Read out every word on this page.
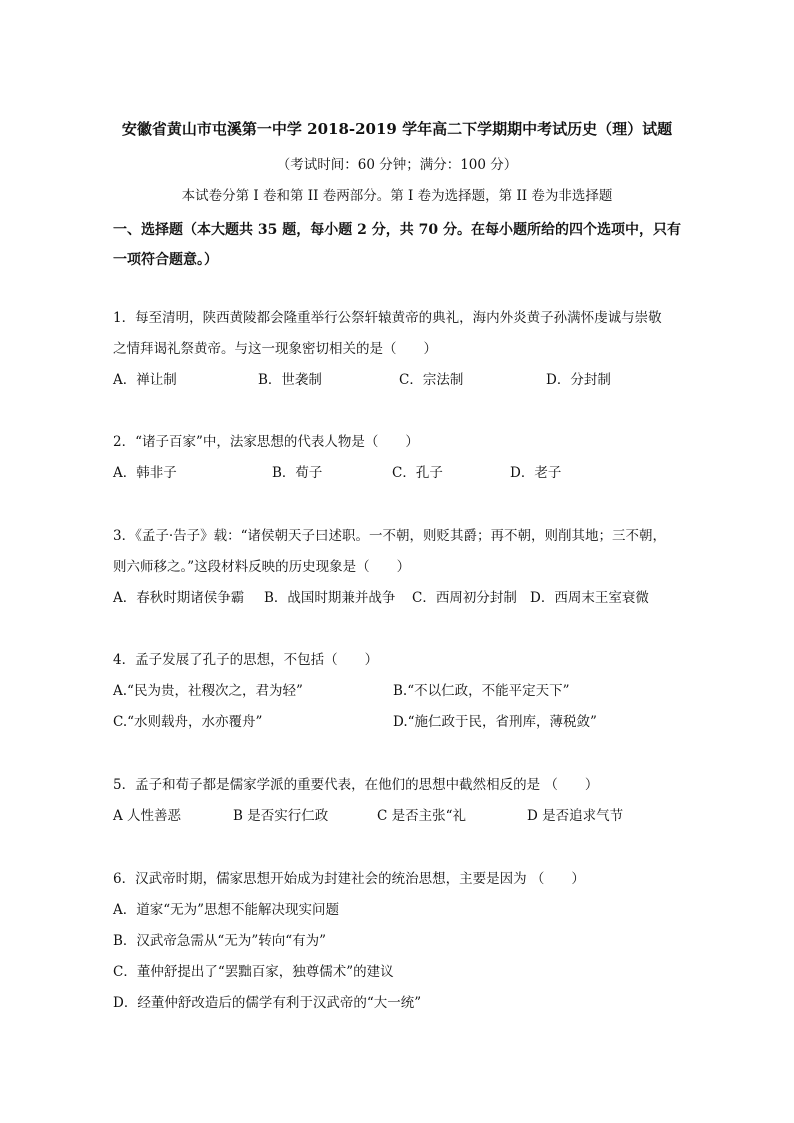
安徽省黄山市屯溪第一中学 2018-2019 学年高二下学期期中考试历史（理）试题
（考试时间：60 分钟；满分：100 分）
本试卷分第 I 卷和第 II 卷两部分。第 I 卷为选择题，第 II 卷为非选择题
一、选择题（本大题共 35 题，每小题 2 分，共 70 分。在每小题所给的四个选项中，只有一项符合题意。）
1．每至清明，陕西黄陵都会隆重举行公祭轩辕黄帝的典礼，海内外炎黄子孙满怀虔诚与崇敬
之情拜谒礼祭黄帝。与这一现象密切相关的是（　　）
A．禅让制	B．世袭制	C．宗法制	D．分封制
2．“诸子百家”中，法家思想的代表人物是（　　）
A．韩非子	B．荀子	C．孔子	D．老子
3．《孟子·告子》载：“诸侯朝天子曰述职。一不朝，则贬其爵；再不朝，则削其地；三不朝，
则六师移之。”这段材料反映的历史现象是（　　）
A．春秋时期诸侯争霸 B．战国时期兼并战争 C．西周初分封制 D．西周末王室衰微
4．孟子发展了孔子的思想，不包括（　　）
A.“民为贵，社稷次之，君为轻”	B.“不以仁政，不能平定天下”
C.“水则载舟，水亦覆舟”	D.“施仁政于民，省刑库，薄税敛”
5．孟子和荀子都是儒家学派的重要代表，在他们的思想中截然相反的是 （　　）
A 人性善恶	B 是否实行仁政	C 是否主张“礼	D 是否追求气节
6．汉武帝时期，儒家思想开始成为封建社会的统治思想，主要是因为 （　　）
A．道家“无为”思想不能解决现实问题
B．汉武帝急需从“无为”转向“有为”
C．董仲舒提出了“罢黜百家，独尊儒术”的建议
D．经董仲舒改造后的儒学有利于汉武帝的“大一统”
